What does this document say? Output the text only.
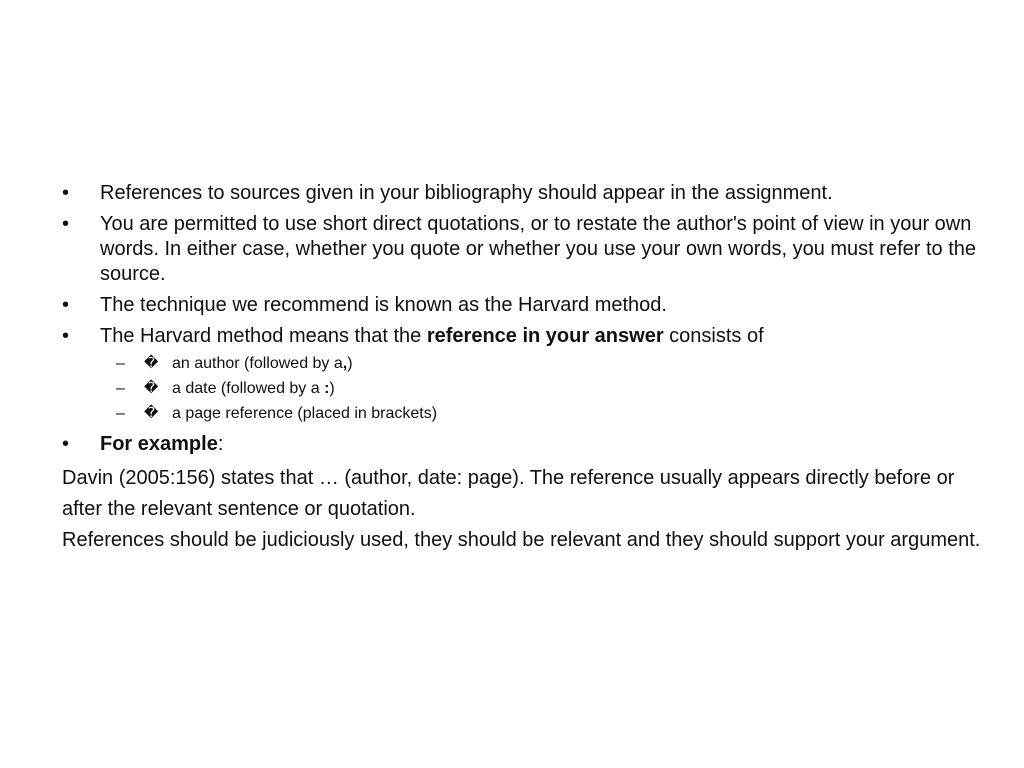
• References to sources given in your bibliography should appear in the assignment.
• You are permitted to use short direct quotations, or to restate the author's point of view in your own words. In either case, whether you quote or whether you use your own words, you must refer to the source.
• The technique we recommend is known as the Harvard method.
• The Harvard method means that the reference in your answer consists of
– � an author (followed by a,)
– � a date (followed by a :)
– � a page reference (placed in brackets)
• For example:

Davin (2005:156) states that … (author, date: page). The reference usually appears directly before or after the relevant sentence or quotation.

References should be judiciously used, they should be relevant and they should support your argument.
